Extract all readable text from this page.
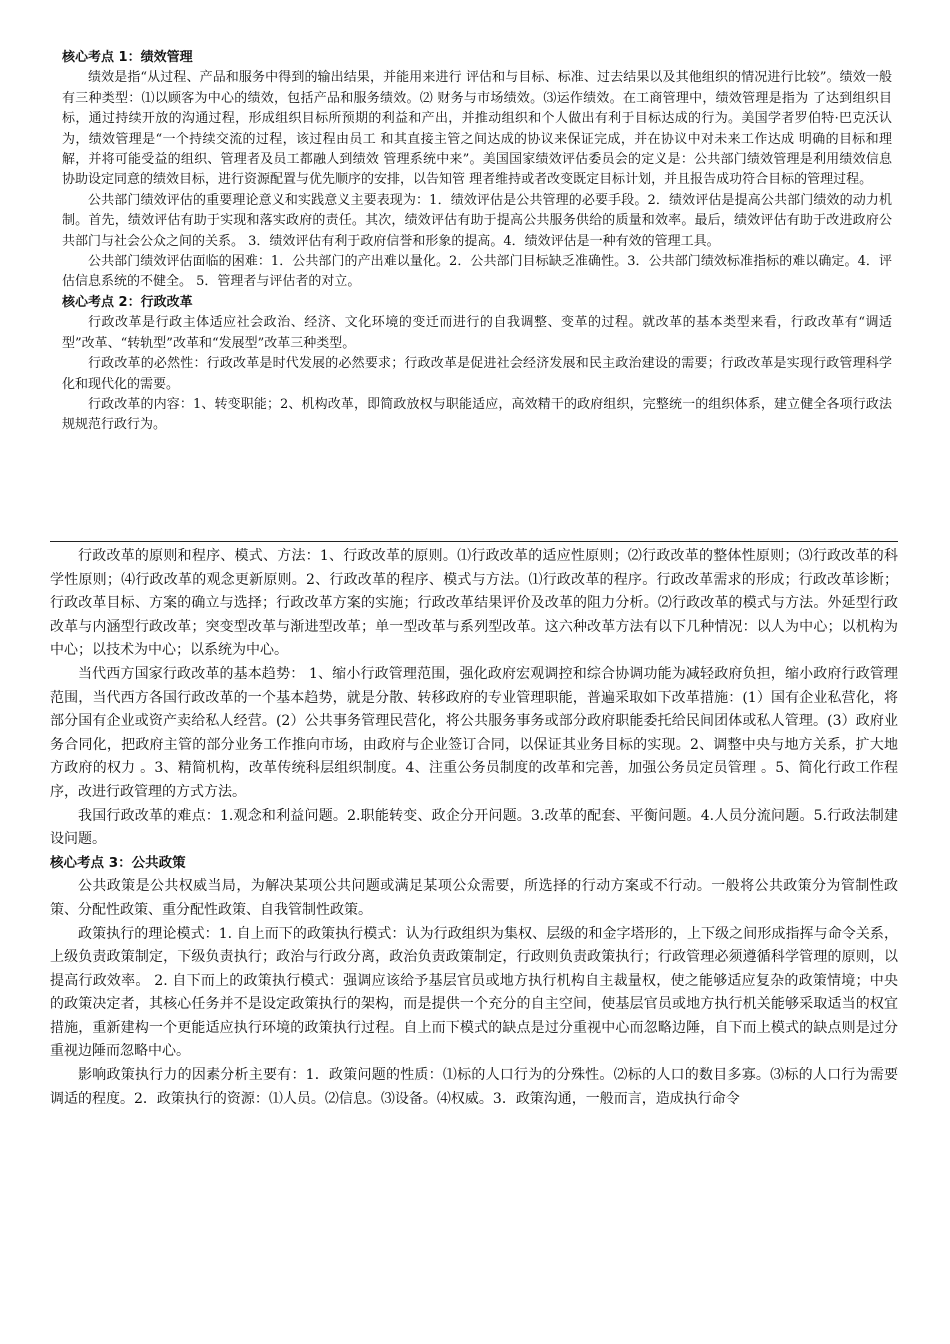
核心考点 1：绩效管理

绩效是指“从过程、产品和服务中得到的输出结果，并能用来进行 评估和与目标、标准、过去结果以及其他组织的情况进行比较”。绩效一般有三种类型：⑴以顾客为中心的绩效，包括产品和服务绩效。⑵ 财务与市场绩效。⑶运作绩效。在工商管理中，绩效管理是指为 了达到组织目标，通过持续开放的沟通过程，形成组织目标所预期的利益和产出，并推动组织和个人做出有利于目标达成的行为。美国学者罗伯特·巴克沃认为，绩效管理是“一个持续交流的过程，该过程由员工 和其直接主管之间达成的协议来保证完成，并在协议中对未来工作达成 明确的目标和理解，并将可能受益的组织、管理者及员工都融人到绩效 管理系统中来”。美国国家绩效评估委员会的定义是：公共部门绩效管理是利用绩效信息 协助设定同意的绩效目标，进行资源配置与优先顺序的安排，以告知管 理者维持或者改变既定目标计划，并且报告成功符合目标的管理过程。

公共部门绩效评估的重要理论意义和实践意义主要表现为：1．绩效评估是公共管理的必要手段。2．绩效评估是提高公共部门绩效的动力机制。首先，绩效评估有助于实现和落实政府的责任。其次，绩效评估有助于提高公共服务供给的质量和效率。最后，绩效评估有助于改进政府公共部门与社会公众之间的关系。 3．绩效评估有利于政府信誉和形象的提高。4．绩效评估是一种有效的管理工具。

公共部门绩效评估面临的困难：1．公共部门的产出难以量化。2．公共部门目标缺乏准确性。3．公共部门绩效标准指标的难以确定。4．评估信息系统的不健全。 5．管理者与评估者的对立。

核心考点 2：行政改革

行政改革是行政主体适应社会政治、经济、文化环境的变迁而进行的自我调整、变革的过程。就改革的基本类型来看，行政改革有“调适型”改革、“转轨型”改革和“发展型”改革三种类型。

行政改革的必然性：行政改革是时代发展的必然要求；行政改革是促进社会经济发展和民主政治建设的需要；行政改革是实现行政管理科学化和现代化的需要。

行政改革的内容：1、转变职能；2、机构改革，即简政放权与职能适应，高效精干的政府组织，完整统一的组织体系，建立健全各项行政法规规范行政行为。

行政改革的原则和程序、模式、方法：1、行政改革的原则。⑴行政改革的适应性原则；⑵行政改革的整体性原则；⑶行政改革的科学性原则；⑷行政改革的观念更新原则。2、行政改革的程序、模式与方法。⑴行政改革的程序。行政改革需求的形成；行政改革诊断；行政改革目标、方案的确立与选择；行政改革方案的实施；行政改革结果评价及改革的阻力分析。⑵行政改革的模式与方法。外延型行政改革与内涵型行政改革；突变型改革与渐进型改革；单一型改革与系列型改革。这六种改革方法有以下几种情况：以人为中心；以机构为中心；以技术为中心；以系统为中心。

当代西方国家行政改革的基本趋势： 1、缩小行政管理范围，强化政府宏观调控和综合协调功能为减轻政府负担，缩小政府行政管理范围，当代西方各国行政改革的一个基本趋势，就是分散、转移政府的专业管理职能，普遍采取如下改革措施：(1）国有企业私营化，将部分国有企业或资产卖给私人经营。(2）公共事务管理民营化，将公共服务事务或部分政府职能委托给民间团体或私人管理。(3）政府业务合同化，把政府主管的部分业务工作推向市场，由政府与企业签订合同，以保证其业务目标的实现。2、调整中央与地方关系，扩大地方政府的权力 。3、精简机构，改革传统科层组织制度。4、注重公务员制度的改革和完善，加强公务员定员管理 。5、简化行政工作程序，改进行政管理的方式方法。

我国行政改革的难点：1.观念和利益问题。2.职能转变、政企分开问题。3.改革的配套、平衡问题。4.人员分流问题。5.行政法制建设问题。

核心考点 3：公共政策

公共政策是公共权威当局，为解决某项公共问题或满足某项公众需要，所选择的行动方案或不行动。一般将公共政策分为管制性政策、分配性政策、重分配性政策、自我管制性政策。

政策执行的理论模式：1. 自上而下的政策执行模式：认为行政组织为集权、层级的和金字塔形的，上下级之间形成指挥与命令关系，上级负责政策制定，下级负责执行；政治与行政分离，政治负责政策制定，行政则负责政策执行；行政管理必须遵循科学管理的原则，以提高行政效率。 2. 自下而上的政策执行模式：强调应该给予基层官员或地方执行机构自主裁量权，使之能够适应复杂的政策情境；中央的政策决定者，其核心任务并不是设定政策执行的架构，而是提供一个充分的自主空间，使基层官员或地方执行机关能够采取适当的权宜措施，重新建构一个更能适应执行环境的政策执行过程。自上而下模式的缺点是过分重视中心而忽略边陲，自下而上模式的缺点则是过分重视边陲而忽略中心。

影响政策执行力的因素分析主要有：1．政策问题的性质：⑴标的人口行为的分殊性。⑵标的人口的数目多寡。⑶标的人口行为需要调适的程度。2．政策执行的资源：⑴人员。⑵信息。⑶设备。⑷权威。3．政策沟通，一般而言，造成执行命令
